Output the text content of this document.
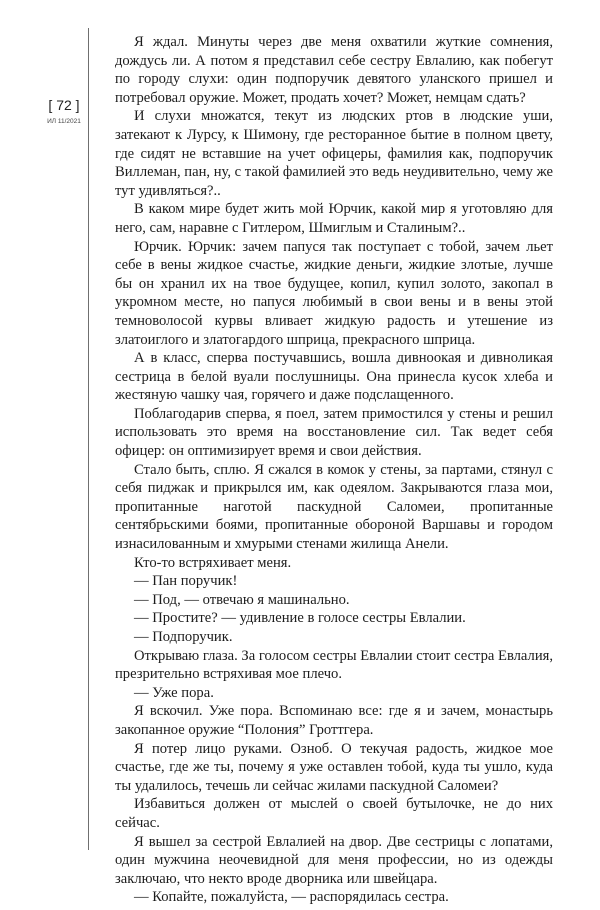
[ 72 ]
ИЛ 11/2021

Я ждал. Минуты через две меня охватили жуткие сомнения, дождусь ли. А потом я представил себе сестру Евлалию, как побегут по городу слухи: один подпоручик девятого уланского пришел и потребовал оружие. Может, продать хочет? Может, немцам сдать?

И слухи множатся, текут из людских ртов в людские уши, затекают к Лурсу, к Шимону, где ресторанное бытие в полном цвету, где сидят не вставшие на учет офицеры, фамилия как, подпоручик Виллеман, пан, ну, с такой фамилией это ведь неудивительно, чему же тут удивляться?..

В каком мире будет жить мой Юрчик, какой мир я уготовляю для него, сам, наравне с Гитлером, Шмиглым и Сталиным?..

Юрчик. Юрчик: зачем папуся так поступает с тобой, зачем льет себе в вены жидкое счастье, жидкие деньги, жидкие злотые, лучше бы он хранил их на твое будущее, копил, купил золото, закопал в укромном месте, но папуся любимый в свои вены и в вены этой темноволосой курвы вливает жидкую радость и утешение из златоиглого и златогардого шприца, прекрасного шприца.

А в класс, сперва постучавшись, вошла дивноокая и дивноликая сестрица в белой вуали послушницы. Она принесла кусок хлеба и жестяную чашку чая, горячего и даже подслащенного.

Поблагодарив сперва, я поел, затем примостился у стены и решил использовать это время на восстановление сил. Так ведет себя офицер: он оптимизирует время и свои действия.

Стало быть, сплю. Я сжался в комок у стены, за партами, стянул с себя пиджак и прикрылся им, как одеялом. Закрываются глаза мои, пропитанные наготой паскудной Саломеи, пропитанные сентябрьскими боями, пропитанные обороной Варшавы и городом изнасилованным и хмурыми стенами жилища Анели.

Кто-то встряхивает меня.

— Пан поручик!

— Под, — отвечаю я машинально.

— Простите? — удивление в голосе сестры Евлалии.

— Подпоручик.

Открываю глаза. За голосом сестры Евлалии стоит сестра Евлалия, презрительно встряхивая мое плечо.

— Уже пора.

Я вскочил. Уже пора. Вспоминаю все: где я и зачем, монастырь закопанное оружие “Полония” Гроттгера.

Я потер лицо руками. Озноб. О текучая радость, жидкое мое счастье, где же ты, почему я уже оставлен тобой, куда ты ушло, куда ты удалилось, течешь ли сейчас жилами паскудной Саломеи?

Избавиться должен от мыслей о своей бутылочке, не до них сейчас.

Я вышел за сестрой Евлалией на двор. Две сестрицы с лопатами, один мужчина неочевидной для меня профессии, но из одежды заключаю, что некто вроде дворника или швейцара.

— Копайте, пожалуйста, — распорядилась сестра.
